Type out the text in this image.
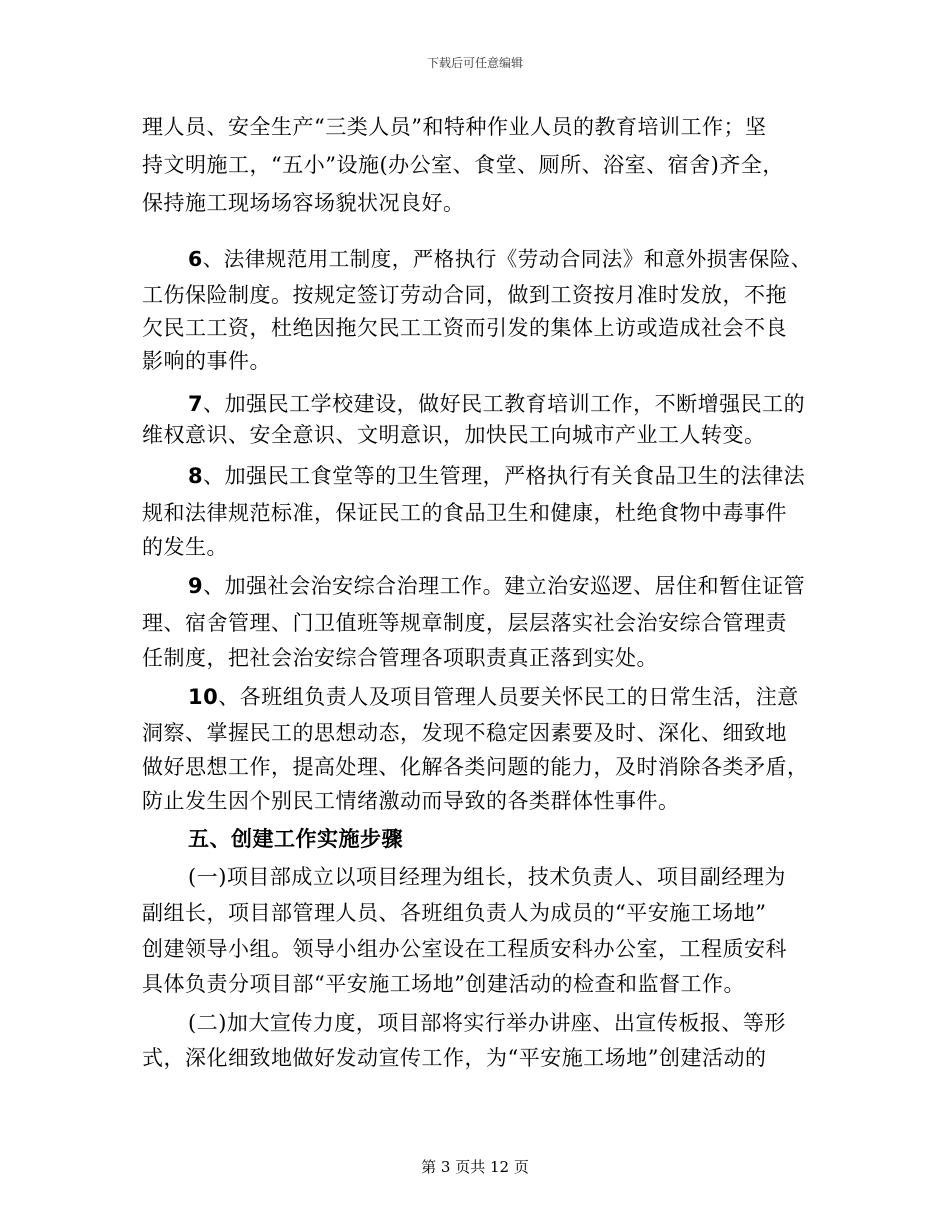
下载后可任意编辑
理人员、安全生产“三类人员”和特种作业人员的教育培训工作；坚
持文明施工，“五小”设施(办公室、食堂、厕所、浴室、宿舍)齐全，
保持施工现场场容场貌状况良好。
6、法律规范用工制度，严格执行《劳动合同法》和意外损害保险、
工伤保险制度。按规定签订劳动合同，做到工资按月准时发放，不拖
欠民工工资，杜绝因拖欠民工工资而引发的集体上访或造成社会不良
影响的事件。
7、加强民工学校建设，做好民工教育培训工作，不断增强民工的
维权意识、安全意识、文明意识，加快民工向城市产业工人转变。
8、加强民工食堂等的卫生管理，严格执行有关食品卫生的法律法
规和法律规范标准，保证民工的食品卫生和健康，杜绝食物中毒事件
的发生。
9、加强社会治安综合治理工作。建立治安巡逻、居住和暂住证管
理、宿舍管理、门卫值班等规章制度，层层落实社会治安综合管理责
任制度，把社会治安综合管理各项职责真正落到实处。
10、各班组负责人及项目管理人员要关怀民工的日常生活，注意
洞察、掌握民工的思想动态，发现不稳定因素要及时、深化、细致地
做好思想工作，提高处理、化解各类问题的能力，及时消除各类矛盾，
防止发生因个别民工情绪激动而导致的各类群体性事件。
五、创建工作实施步骤
(一)项目部成立以项目经理为组长，技术负责人、项目副经理为
副组长，项目部管理人员、各班组负责人为成员的“平安施工场地”
创建领导小组。领导小组办公室设在工程质安科办公室，工程质安科
具体负责分项目部“平安施工场地”创建活动的检查和监督工作。
(二)加大宣传力度，项目部将实行举办讲座、出宣传板报、等形
式，深化细致地做好发动宣传工作，为“平安施工场地”创建活动的
第 3 页共 12 页
